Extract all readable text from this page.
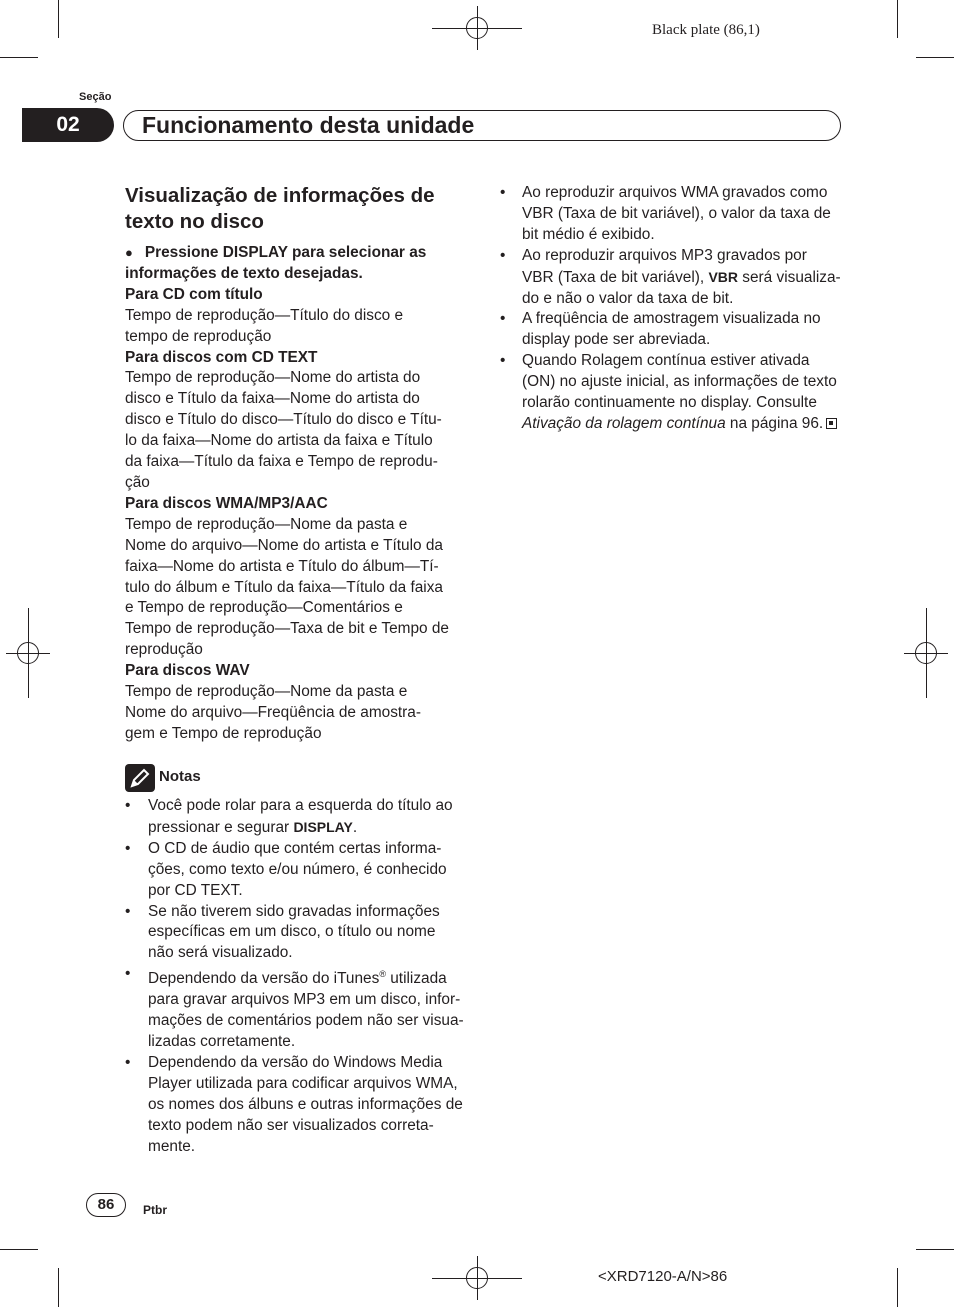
Black plate (86,1)
Seção
02	Funcionamento desta unidade
Visualização de informações de texto no disco
● Pressione DISPLAY para selecionar as informações de texto desejadas.
Para CD com título
Tempo de reprodução—Título do disco e
tempo de reprodução
Para discos com CD TEXT
Tempo de reprodução—Nome do artista do
disco e Título da faixa—Nome do artista do
disco e Título do disco—Título do disco e Títu-
lo da faixa—Nome do artista da faixa e Título
da faixa—Título da faixa e Tempo de reprodu-
ção
Para discos WMA/MP3/AAC
Tempo de reprodução—Nome da pasta e
Nome do arquivo—Nome do artista e Título da
faixa—Nome do artista e Título do álbum—Tí-
tulo do álbum e Título da faixa—Título da faixa
e Tempo de reprodução—Comentários e
Tempo de reprodução—Taxa de bit e Tempo de
reprodução
Para discos WAV
Tempo de reprodução—Nome da pasta e
Nome do arquivo—Freqüência de amostra-
gem e Tempo de reprodução
Notas
• Você pode rolar para a esquerda do título ao
pressionar e segurar DISPLAY.
• O CD de áudio que contém certas informa-
ções, como texto e/ou número, é conhecido
por CD TEXT.
• Se não tiverem sido gravadas informações
específicas em um disco, o título ou nome
não será visualizado.
• Dependendo da versão do iTunes® utilizada
para gravar arquivos MP3 em um disco, infor-
mações de comentários podem não ser visua-
lizadas corretamente.
• Dependendo da versão do Windows Media
Player utilizada para codificar arquivos WMA,
os nomes dos álbuns e outras informações de
texto podem não ser visualizados correta-
mente.
• Ao reproduzir arquivos WMA gravados como
VBR (Taxa de bit variável), o valor da taxa de
bit médio é exibido.
• Ao reproduzir arquivos MP3 gravados por
VBR (Taxa de bit variável), VBR será visualiza-
do e não o valor da taxa de bit.
• A freqüência de amostragem visualizada no
display pode ser abreviada.
• Quando Rolagem contínua estiver ativada
(ON) no ajuste inicial, as informações de texto
rolarão continuamente no display. Consulte
Ativação da rolagem contínua na página 96.
86	Ptbr
<XRD7120-A/N>86
